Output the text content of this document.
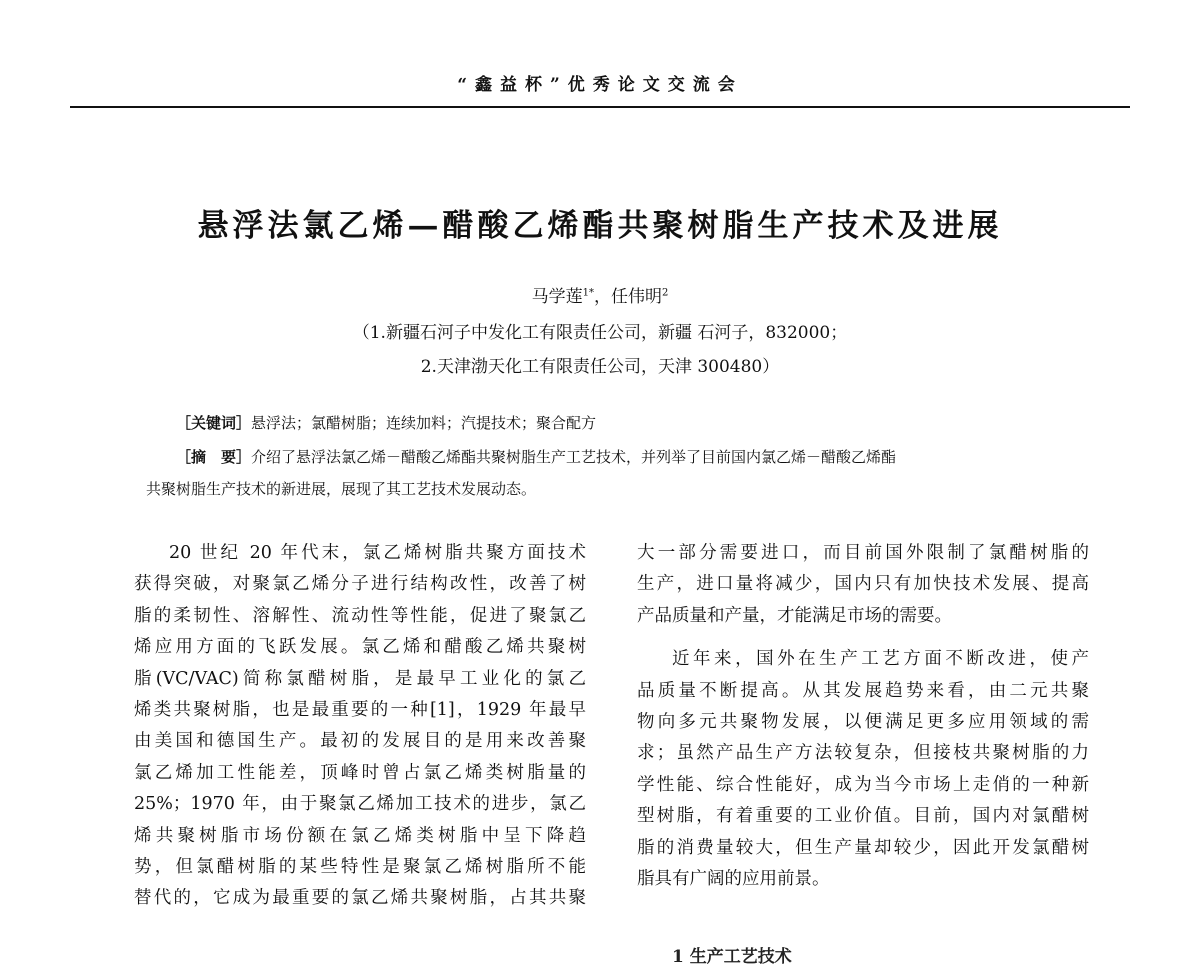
“鑫益杯”优秀论文交流会
悬浮法氯乙烯—醋酸乙烯酯共聚树脂生产技术及进展
马学莲$^{1*}$，任伟明$^2$
（1.新疆石河子中发化工有限责任公司，新疆 石河子，832000；
2.天津渤天化工有限责任公司，天津 300480）
［关键词］悬浮法；氯醋树脂；连续加料；汽提技术；聚合配方
［摘　要］介绍了悬浮法氯乙烯－醋酸乙烯酯共聚树脂生产工艺技术，并列举了目前国内氯乙烯－醋酸乙烯酯
共聚树脂生产技术的新进展，展现了其工艺技术发展动态。
20 世纪 20 年代末，氯乙烯树脂共聚方面技术
获得突破，对聚氯乙烯分子进行结构改性，改善了树
脂的柔韧性、溶解性、流动性等性能，促进了聚氯乙
烯应用方面的飞跃发展。氯乙烯和醋酸乙烯共聚树
脂(VC/VAC)简称氯醋树脂，是最早工业化的氯乙
烯类共聚树脂，也是最重要的一种[1]，1929 年最早
由美国和德国生产。最初的发展目的是用来改善聚
氯乙烯加工性能差，顶峰时曾占氯乙烯类树脂量的
25%；1970 年，由于聚氯乙烯加工技术的进步，氯乙
烯共聚树脂市场份额在氯乙烯类树脂中呈下降趋
势，但氯醋树脂的某些特性是聚氯乙烯树脂所不能
替代的，它成为最重要的氯乙烯共聚树脂，占其共聚
大一部分需要进口，而目前国外限制了氯醋树脂的
生产，进口量将减少，国内只有加快技术发展、提高
产品质量和产量，才能满足市场的需要。
近年来，国外在生产工艺方面不断改进，使产
品质量不断提高。从其发展趋势来看，由二元共聚
物向多元共聚物发展，以便满足更多应用领域的需
求；虽然产品生产方法较复杂，但接枝共聚树脂的力
学性能、综合性能好，成为当今市场上走俏的一种新
型树脂，有着重要的工业价值。目前，国内对氯醋树
脂的消费量较大，但生产量却较少，因此开发氯醋树
脂具有广阔的应用前景。
1 生产工艺技术
